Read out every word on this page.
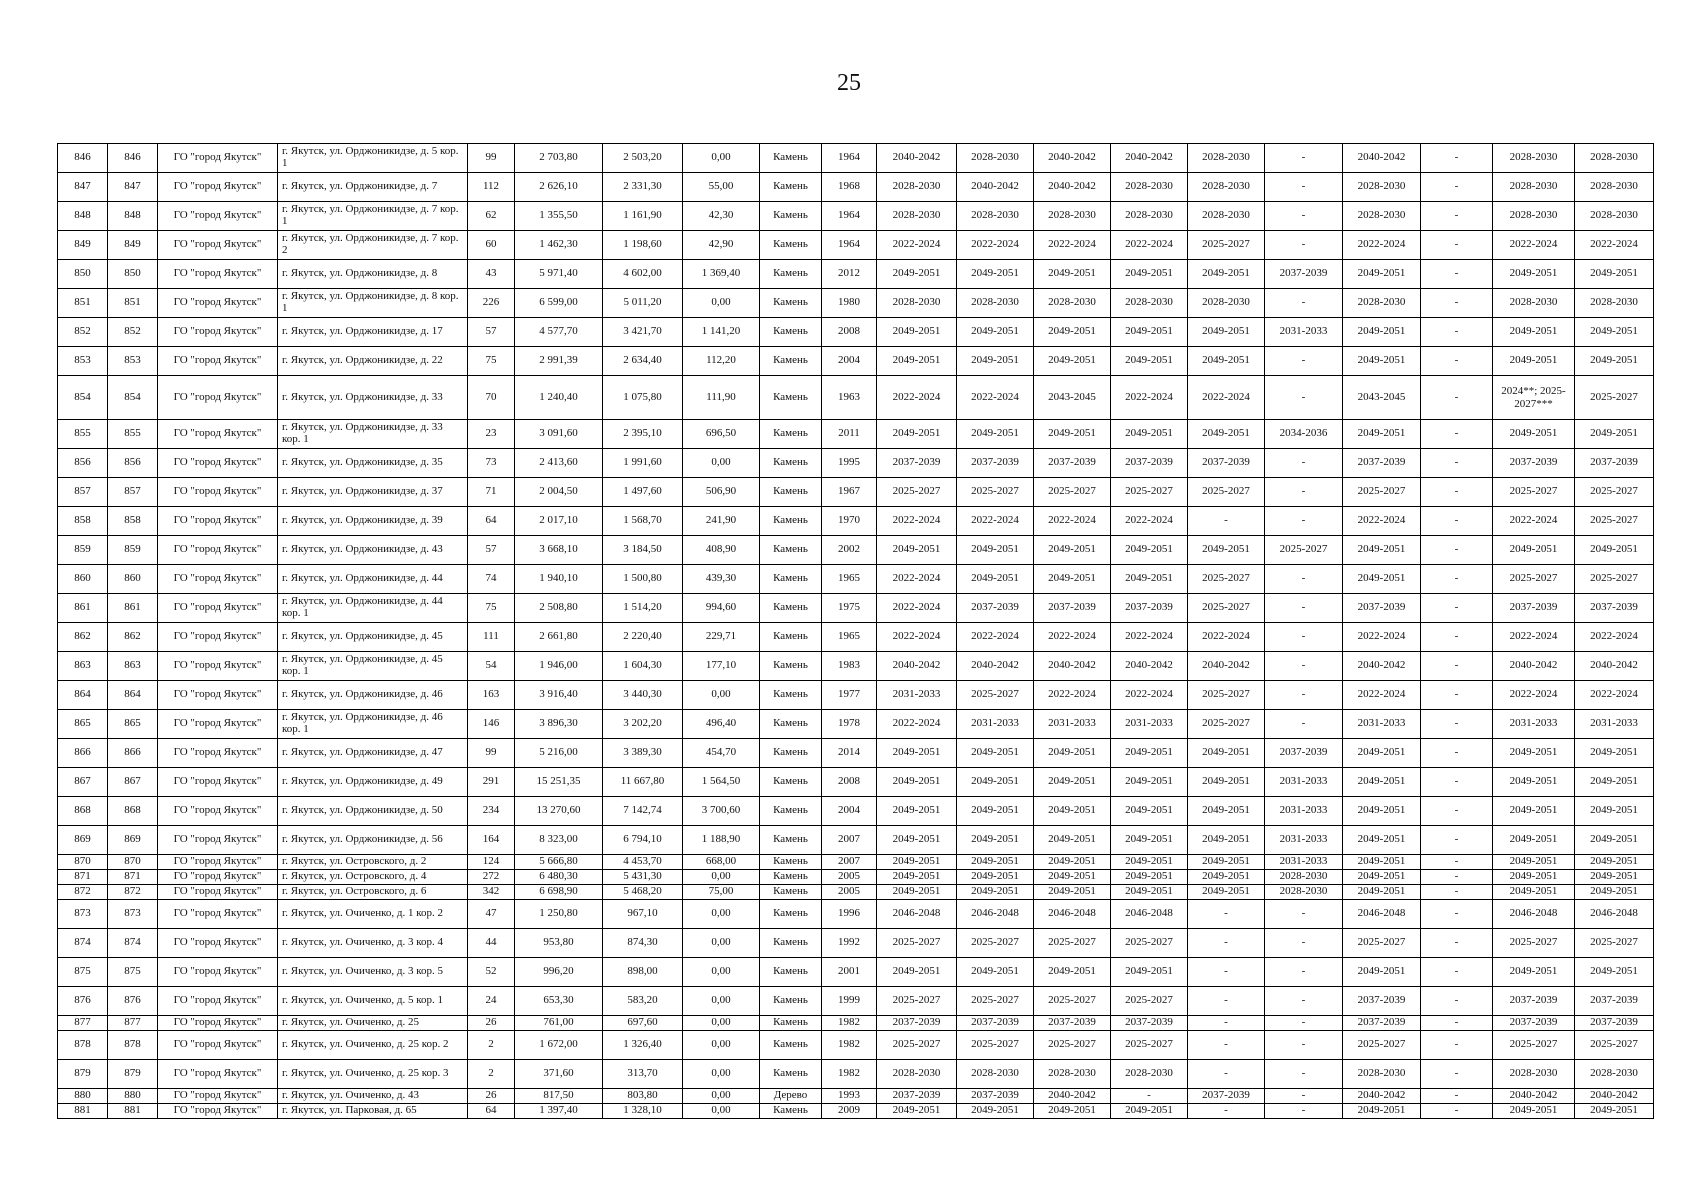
25
846	846	ГО "город Якутск"	г. Якутск, ул. Орджоникидзе, д. 5 кор. 1	99	2 703,80	2 503,20	0,00	Камень	1964	2040-2042	2028-2030	2040-2042	2040-2042	2028-2030	-	2040-2042	-	2028-2030	2028-2030
847	847	ГО "город Якутск"	г. Якутск, ул. Орджоникидзе, д. 7	112	2 626,10	2 331,30	55,00	Камень	1968	2028-2030	2040-2042	2040-2042	2028-2030	2028-2030	-	2028-2030	-	2028-2030	2028-2030
848	848	ГО "город Якутск"	г. Якутск, ул. Орджоникидзе, д. 7 кор. 1	62	1 355,50	1 161,90	42,30	Камень	1964	2028-2030	2028-2030	2028-2030	2028-2030	2028-2030	-	2028-2030	-	2028-2030	2028-2030
849	849	ГО "город Якутск"	г. Якутск, ул. Орджоникидзе, д. 7 кор. 2	60	1 462,30	1 198,60	42,90	Камень	1964	2022-2024	2022-2024	2022-2024	2022-2024	2025-2027	-	2022-2024	-	2022-2024	2022-2024
850	850	ГО "город Якутск"	г. Якутск, ул. Орджоникидзе, д. 8	43	5 971,40	4 602,00	1 369,40	Камень	2012	2049-2051	2049-2051	2049-2051	2049-2051	2049-2051	2037-2039	2049-2051	-	2049-2051	2049-2051
851	851	ГО "город Якутск"	г. Якутск, ул. Орджоникидзе, д. 8 кор. 1	226	6 599,00	5 011,20	0,00	Камень	1980	2028-2030	2028-2030	2028-2030	2028-2030	2028-2030	-	2028-2030	-	2028-2030	2028-2030
852	852	ГО "город Якутск"	г. Якутск, ул. Орджоникидзе, д. 17	57	4 577,70	3 421,70	1 141,20	Камень	2008	2049-2051	2049-2051	2049-2051	2049-2051	2049-2051	2031-2033	2049-2051	-	2049-2051	2049-2051
853	853	ГО "город Якутск"	г. Якутск, ул. Орджоникидзе, д. 22	75	2 991,39	2 634,40	112,20	Камень	2004	2049-2051	2049-2051	2049-2051	2049-2051	2049-2051	-	2049-2051	-	2049-2051	2049-2051
854	854	ГО "город Якутск"	г. Якутск, ул. Орджоникидзе, д. 33	70	1 240,40	1 075,80	111,90	Камень	1963	2022-2024	2022-2024	2043-2045	2022-2024	2022-2024	-	2043-2045	-	2024**; 2025-2027***	2025-2027
855	855	ГО "город Якутск"	г. Якутск, ул. Орджоникидзе, д. 33 кор. 1	23	3 091,60	2 395,10	696,50	Камень	2011	2049-2051	2049-2051	2049-2051	2049-2051	2049-2051	2034-2036	2049-2051	-	2049-2051	2049-2051
856	856	ГО "город Якутск"	г. Якутск, ул. Орджоникидзе, д. 35	73	2 413,60	1 991,60	0,00	Камень	1995	2037-2039	2037-2039	2037-2039	2037-2039	2037-2039	-	2037-2039	-	2037-2039	2037-2039
857	857	ГО "город Якутск"	г. Якутск, ул. Орджоникидзе, д. 37	71	2 004,50	1 497,60	506,90	Камень	1967	2025-2027	2025-2027	2025-2027	2025-2027	2025-2027	-	2025-2027	-	2025-2027	2025-2027
858	858	ГО "город Якутск"	г. Якутск, ул. Орджоникидзе, д. 39	64	2 017,10	1 568,70	241,90	Камень	1970	2022-2024	2022-2024	2022-2024	2022-2024	-	-	2022-2024	-	2022-2024	2025-2027
859	859	ГО "город Якутск"	г. Якутск, ул. Орджоникидзе, д. 43	57	3 668,10	3 184,50	408,90	Камень	2002	2049-2051	2049-2051	2049-2051	2049-2051	2049-2051	2025-2027	2049-2051	-	2049-2051	2049-2051
860	860	ГО "город Якутск"	г. Якутск, ул. Орджоникидзе, д. 44	74	1 940,10	1 500,80	439,30	Камень	1965	2022-2024	2049-2051	2049-2051	2049-2051	2025-2027	-	2049-2051	-	2025-2027	2025-2027
861	861	ГО "город Якутск"	г. Якутск, ул. Орджоникидзе, д. 44 кор. 1	75	2 508,80	1 514,20	994,60	Камень	1975	2022-2024	2037-2039	2037-2039	2037-2039	2025-2027	-	2037-2039	-	2037-2039	2037-2039
862	862	ГО "город Якутск"	г. Якутск, ул. Орджоникидзе, д. 45	111	2 661,80	2 220,40	229,71	Камень	1965	2022-2024	2022-2024	2022-2024	2022-2024	2022-2024	-	2022-2024	-	2022-2024	2022-2024
863	863	ГО "город Якутск"	г. Якутск, ул. Орджоникидзе, д. 45 кор. 1	54	1 946,00	1 604,30	177,10	Камень	1983	2040-2042	2040-2042	2040-2042	2040-2042	2040-2042	-	2040-2042	-	2040-2042	2040-2042
864	864	ГО "город Якутск"	г. Якутск, ул. Орджоникидзе, д. 46	163	3 916,40	3 440,30	0,00	Камень	1977	2031-2033	2025-2027	2022-2024	2022-2024	2025-2027	-	2022-2024	-	2022-2024	2022-2024
865	865	ГО "город Якутск"	г. Якутск, ул. Орджоникидзе, д. 46 кор. 1	146	3 896,30	3 202,20	496,40	Камень	1978	2022-2024	2031-2033	2031-2033	2031-2033	2025-2027	-	2031-2033	-	2031-2033	2031-2033
866	866	ГО "город Якутск"	г. Якутск, ул. Орджоникидзе, д. 47	99	5 216,00	3 389,30	454,70	Камень	2014	2049-2051	2049-2051	2049-2051	2049-2051	2049-2051	2037-2039	2049-2051	-	2049-2051	2049-2051
867	867	ГО "город Якутск"	г. Якутск, ул. Орджоникидзе, д. 49	291	15 251,35	11 667,80	1 564,50	Камень	2008	2049-2051	2049-2051	2049-2051	2049-2051	2049-2051	2031-2033	2049-2051	-	2049-2051	2049-2051
868	868	ГО "город Якутск"	г. Якутск, ул. Орджоникидзе, д. 50	234	13 270,60	7 142,74	3 700,60	Камень	2004	2049-2051	2049-2051	2049-2051	2049-2051	2049-2051	2031-2033	2049-2051	-	2049-2051	2049-2051
869	869	ГО "город Якутск"	г. Якутск, ул. Орджоникидзе, д. 56	164	8 323,00	6 794,10	1 188,90	Камень	2007	2049-2051	2049-2051	2049-2051	2049-2051	2049-2051	2031-2033	2049-2051	-	2049-2051	2049-2051
870	870	ГО "город Якутск"	г. Якутск, ул. Островского, д. 2	124	5 666,80	4 453,70	668,00	Камень	2007	2049-2051	2049-2051	2049-2051	2049-2051	2049-2051	2031-2033	2049-2051	-	2049-2051	2049-2051
871	871	ГО "город Якутск"	г. Якутск, ул. Островского, д. 4	272	6 480,30	5 431,30	0,00	Камень	2005	2049-2051	2049-2051	2049-2051	2049-2051	2049-2051	2028-2030	2049-2051	-	2049-2051	2049-2051
872	872	ГО "город Якутск"	г. Якутск, ул. Островского, д. 6	342	6 698,90	5 468,20	75,00	Камень	2005	2049-2051	2049-2051	2049-2051	2049-2051	2049-2051	2028-2030	2049-2051	-	2049-2051	2049-2051
873	873	ГО "город Якутск"	г. Якутск, ул. Очиченко, д. 1 кор. 2	47	1 250,80	967,10	0,00	Камень	1996	2046-2048	2046-2048	2046-2048	2046-2048	-	-	2046-2048	-	2046-2048	2046-2048
874	874	ГО "город Якутск"	г. Якутск, ул. Очиченко, д. 3 кор. 4	44	953,80	874,30	0,00	Камень	1992	2025-2027	2025-2027	2025-2027	2025-2027	-	-	2025-2027	-	2025-2027	2025-2027
875	875	ГО "город Якутск"	г. Якутск, ул. Очиченко, д. 3 кор. 5	52	996,20	898,00	0,00	Камень	2001	2049-2051	2049-2051	2049-2051	2049-2051	-	-	2049-2051	-	2049-2051	2049-2051
876	876	ГО "город Якутск"	г. Якутск, ул. Очиченко, д. 5 кор. 1	24	653,30	583,20	0,00	Камень	1999	2025-2027	2025-2027	2025-2027	2025-2027	-	-	2037-2039	-	2037-2039	2037-2039
877	877	ГО "город Якутск"	г. Якутск, ул. Очиченко, д. 25	26	761,00	697,60	0,00	Камень	1982	2037-2039	2037-2039	2037-2039	2037-2039	-	-	2037-2039	-	2037-2039	2037-2039
878	878	ГО "город Якутск"	г. Якутск, ул. Очиченко, д. 25 кор. 2	2	1 672,00	1 326,40	0,00	Камень	1982	2025-2027	2025-2027	2025-2027	2025-2027	-	-	2025-2027	-	2025-2027	2025-2027
879	879	ГО "город Якутск"	г. Якутск, ул. Очиченко, д. 25 кор. 3	2	371,60	313,70	0,00	Камень	1982	2028-2030	2028-2030	2028-2030	2028-2030	-	-	2028-2030	-	2028-2030	2028-2030
880	880	ГО "город Якутск"	г. Якутск, ул. Очиченко, д. 43	26	817,50	803,80	0,00	Дерево	1993	2037-2039	2037-2039	2040-2042	-	2037-2039	-	2040-2042	-	2040-2042	2040-2042
881	881	ГО "город Якутск"	г. Якутск, ул. Парковая, д. 65	64	1 397,40	1 328,10	0,00	Камень	2009	2049-2051	2049-2051	2049-2051	2049-2051	-	-	2049-2051	-	2049-2051	2049-2051
